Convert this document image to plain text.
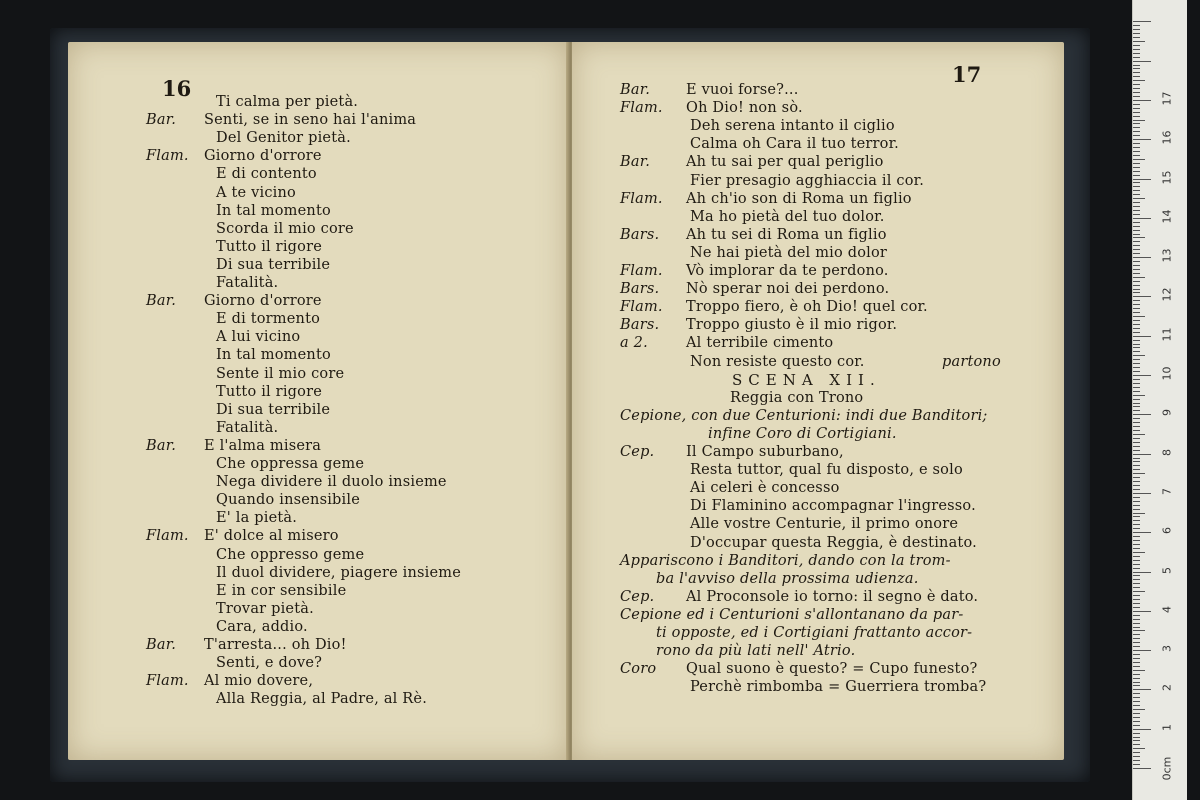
16
Ti calma per pietà.
Bar. Senti, se in seno hai l'anima
Del Genitor pietà.
Flam. Giorno d'orrore
E di contento
A te vicino
In tal momento
Scorda il mio core
Tutto il rigore
Di sua terribile
Fatalità.
Bar. Giorno d'orrore
E di tormento
A lui vicino
In tal momento
Sente il mio core
Tutto il rigore
Di sua terribile
Fatalità.
Bar. E l'alma misera
Che oppressa geme
Nega dividere il duolo insieme
Quando insensibile
E' la pietà.
Flam. E' dolce al misero
Che oppresso geme
Il duol dividere, piagere insieme
E in cor sensibile
Trovar pietà.
Cara, addio.
Bar. T'arresta... oh Dio!
Senti, e dove?
Flam. Al mio dovere,
Alla Reggia, al Padre, al Rè.
17
Bar. E vuoi forse?...
Flam. Oh Dio! non sò.
Deh serena intanto il ciglio
Calma oh Cara il tuo terror.
Bar. Ah tu sai per qual periglio
Fier presagio agghiaccia il cor.
Flam. Ah ch'io son di Roma un figlio
Ma ho pietà del tuo dolor.
Bars. Ah tu sei di Roma un figlio
Ne hai pietà del mio dolor
Flam. Vò implorar da te perdono.
Bars. Nò sperar noi dei perdono.
Flam. Troppo fiero, è oh Dio! quel cor.
Bars. Troppo giusto è il mio rigor.
a 2.	Al terribile cimento
Non resiste questo cor.	partono
SCENA XII.
Reggia con Trono
Cepione, con due Centurioni: indi due Banditori;
infine Coro di Cortigiani.
Cep. Il Campo suburbano,
Resta tuttor, qual fu disposto, e solo
Ai celeri è concesso
Di Flaminino accompagnar l'ingresso.
Alle vostre Centurie, il primo onore
D'occupar questa Reggia, è destinato.
Appariscono i Banditori, dando con la trom-
ba l'avviso della prossima udienza.
Cep. Al Proconsole io torno: il segno è dato.
Cepione ed i Centurioni s'allontanano da par-
ti opposte, ed i Cortigiani frattanto accor-
rono da più lati nell' Atrio.
Coro Qual suono è questo? = Cupo funesto?
Perchè rimbomba = Guerriera tromba?
1
2
3
4
5
6
7
8
9
10
11
12
13
14
15
16
17
0cm
